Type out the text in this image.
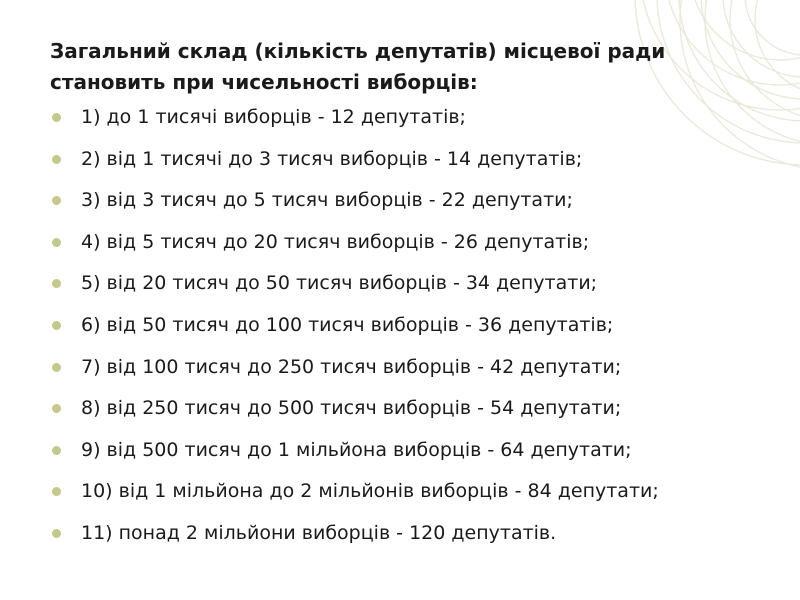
Загальний склад (кількість депутатів) місцевої ради становить при чисельності виборців:
1) до 1 тисячі виборців - 12 депутатів;
2) від 1 тисячі до 3 тисяч виборців - 14 депутатів;
3) від 3 тисяч до 5 тисяч виборців - 22 депутати;
4) від 5 тисяч до 20 тисяч виборців - 26 депутатів;
5) від 20 тисяч до 50 тисяч виборців - 34 депутати;
6) від 50 тисяч до 100 тисяч виборців - 36 депутатів;
7) від 100 тисяч до 250 тисяч виборців - 42 депутати;
8) від 250 тисяч до 500 тисяч виборців - 54 депутати;
9) від 500 тисяч до 1 мільйона виборців - 64 депутати;
10) від 1 мільйона до 2 мільйонів виборців - 84 депутати;
11) понад 2 мільйони виборців - 120 депутатів.
